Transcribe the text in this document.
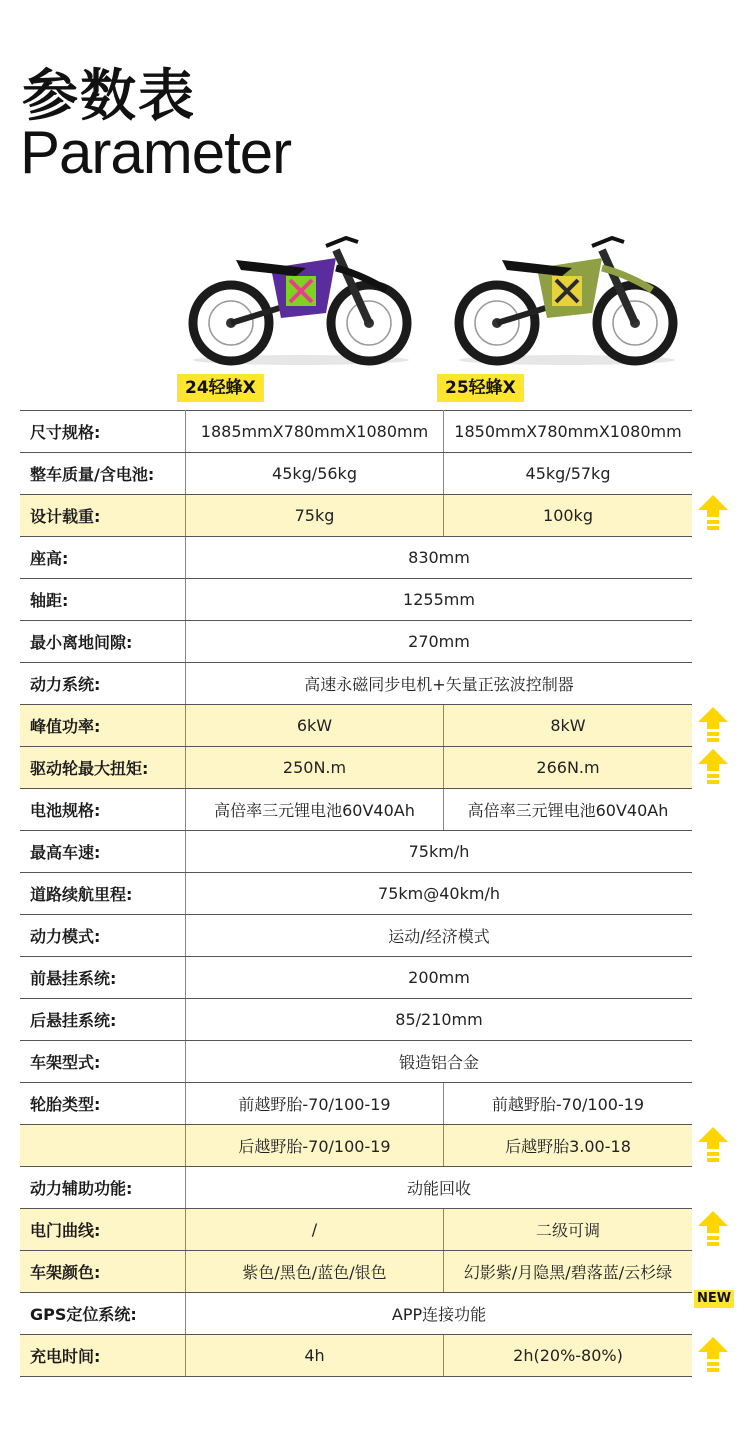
参数表
Parameter
24轻蜂X	25轻蜂X
尺寸规格:	1885mmX780mmX1080mm	1850mmX780mmX1080mm
整车质量/含电池:	45kg/56kg	45kg/57kg
设计载重:	75kg	100kg
座高:	830mm	
轴距:	1255mm	
最小离地间隙:	270mm	
动力系统:	高速永磁同步电机+矢量正弦波控制器	
峰值功率:	6kW	8kW
驱动轮最大扭矩:	250N.m	266N.m
电池规格:	高倍率三元锂电池60V40Ah	高倍率三元锂电池60V40Ah
最高车速:	75km/h	
道路续航里程:	75km@40km/h	
动力模式:	运动/经济模式	
前悬挂系统:	200mm	
后悬挂系统:	85/210mm	
车架型式:	锻造铝合金	
轮胎类型:	前越野胎-70/100-19	前越野胎-70/100-19
	后越野胎-70/100-19	后越野胎3.00-18
动力辅助功能:	动能回收	
电门曲线:	/	二级可调
车架颜色:	紫色/黑色/蓝色/银色	幻影紫/月隐黑/碧落蓝/云杉绿
GPS定位系统:	APP连接功能	
充电时间:	4h	2h(20%-80%)
NEW
